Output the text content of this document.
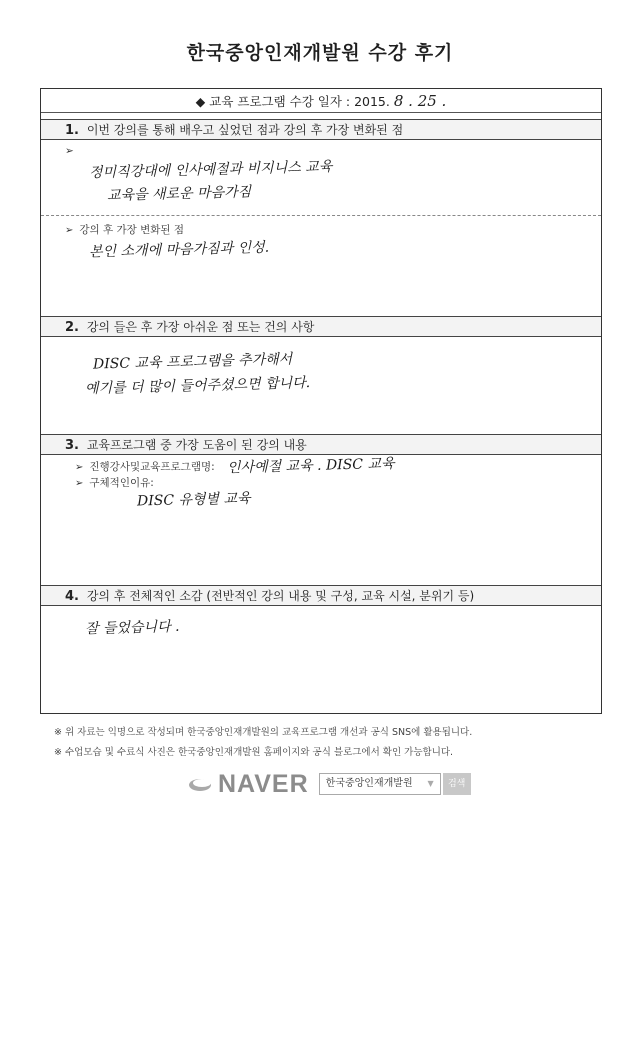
한국중앙인재개발원 수강 후기
◆ 교육 프로그램 수강 일자 : 2015. 8 . 25 .
1. 이번 강의를 통해 배우고 싶었던 점과 강의 후 가장 변화된 점
➢
정미직강대에 인사예절과 비지니스 교육
교육을 새로운 마음가짐
➢ 강의 후 가장 변화된 점
본인 소개에 마음가짐과 인성.
2. 강의 들은 후 가장 아쉬운 점 또는 건의 사항
DISC 교육 프로그램을 추가해서
예기를 더 많이 들어주셨으면 합니다.
3. 교육프로그램 중 가장 도움이 된 강의 내용
➢ 진행강사및교육프로그램명: 인사예절 교육 . DISC 교육
➢ 구체적인이유:
DISC 유형별 교육
4. 강의 후 전체적인 소감 (전반적인 강의 내용 및 구성, 교육 시설, 분위기 등)
잘 들었습니다 .
※ 위 자료는 익명으로 작성되며 한국중앙인재개발원의 교육프로그램 개선과 공식 SNS에 활용됩니다.
※ 수업모습 및 수료식 사진은 한국중앙인재개발원 홈페이지와 공식 블로그에서 확인 가능합니다.
NAVER	한국중앙인재개발원 ▼	검색
